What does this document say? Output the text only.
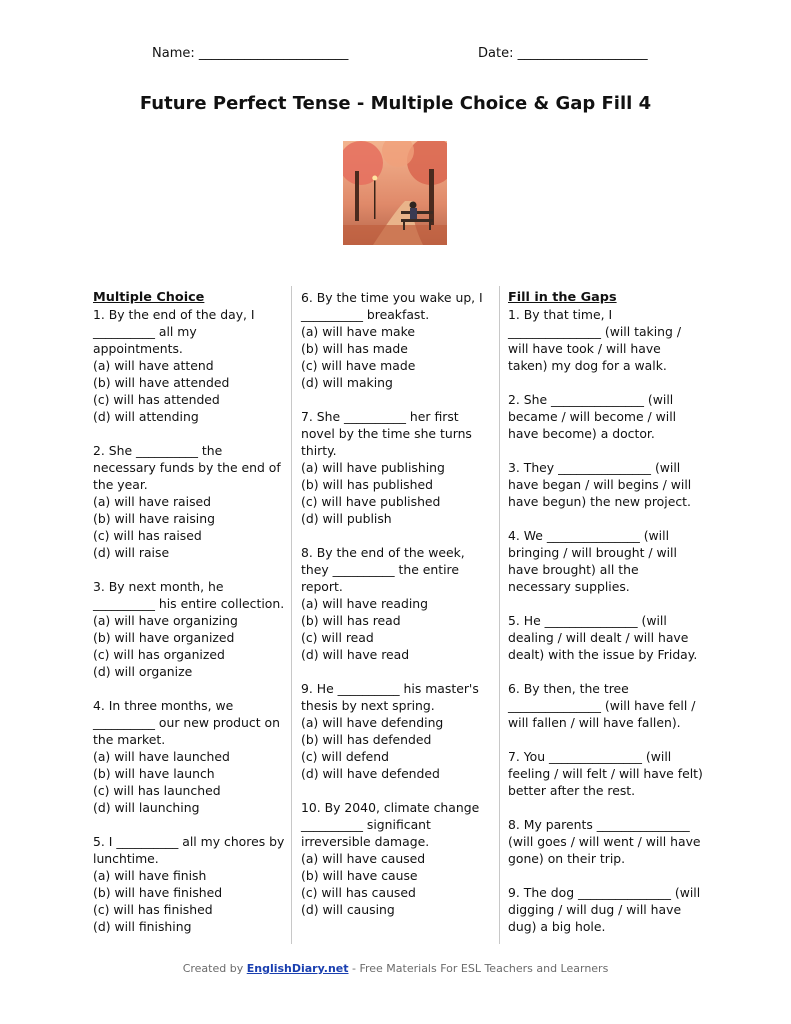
Name: _______________________	Date: ____________________
Future Perfect Tense - Multiple Choice & Gap Fill 4
Multiple Choice
1. By the end of the day, I __________ all my appointments.
(a) will have attend
(b) will have attended
(c) will has attended
(d) will attending
2. She __________ the necessary funds by the end of the year.
(a) will have raised
(b) will have raising
(c) will has raised
(d) will raise
3. By next month, he __________ his entire collection.
(a) will have organizing
(b) will have organized
(c) will has organized
(d) will organize
4. In three months, we __________ our new product on the market.
(a) will have launched
(b) will have launch
(c) will has launched
(d) will launching
5. I __________ all my chores by lunchtime.
(a) will have finish
(b) will have finished
(c) will has finished
(d) will finishing
6. By the time you wake up, I __________ breakfast.
(a) will have make
(b) will has made
(c) will have made
(d) will making
7. She __________ her first novel by the time she turns thirty.
(a) will have publishing
(b) will has published
(c) will have published
(d) will publish
8. By the end of the week, they __________ the entire report.
(a) will have reading
(b) will has read
(c) will read
(d) will have read
9. He __________ his master's thesis by next spring.
(a) will have defending
(b) will has defended
(c) will defend
(d) will have defended
10. By 2040, climate change __________ significant irreversible damage.
(a) will have caused
(b) will have cause
(c) will has caused
(d) will causing
Fill in the Gaps
1. By that time, I _______________ (will taking / will have took / will have taken) my dog for a walk.
2. She _______________ (will became / will become / will have become) a doctor.
3. They _______________ (will have began / will begins / will have begun) the new project.
4. We _______________ (will bringing / will brought / will have brought) all the necessary supplies.
5. He _______________ (will dealing / will dealt / will have dealt) with the issue by Friday.
6. By then, the tree _______________ (will have fell / will fallen / will have fallen).
7. You _______________ (will feeling / will felt / will have felt) better after the rest.
8. My parents _______________ (will goes / will went / will have gone) on their trip.
9. The dog _______________ (will digging / will dug / will have dug) a big hole.
Created by EnglishDiary.net - Free Materials For ESL Teachers and Learners
